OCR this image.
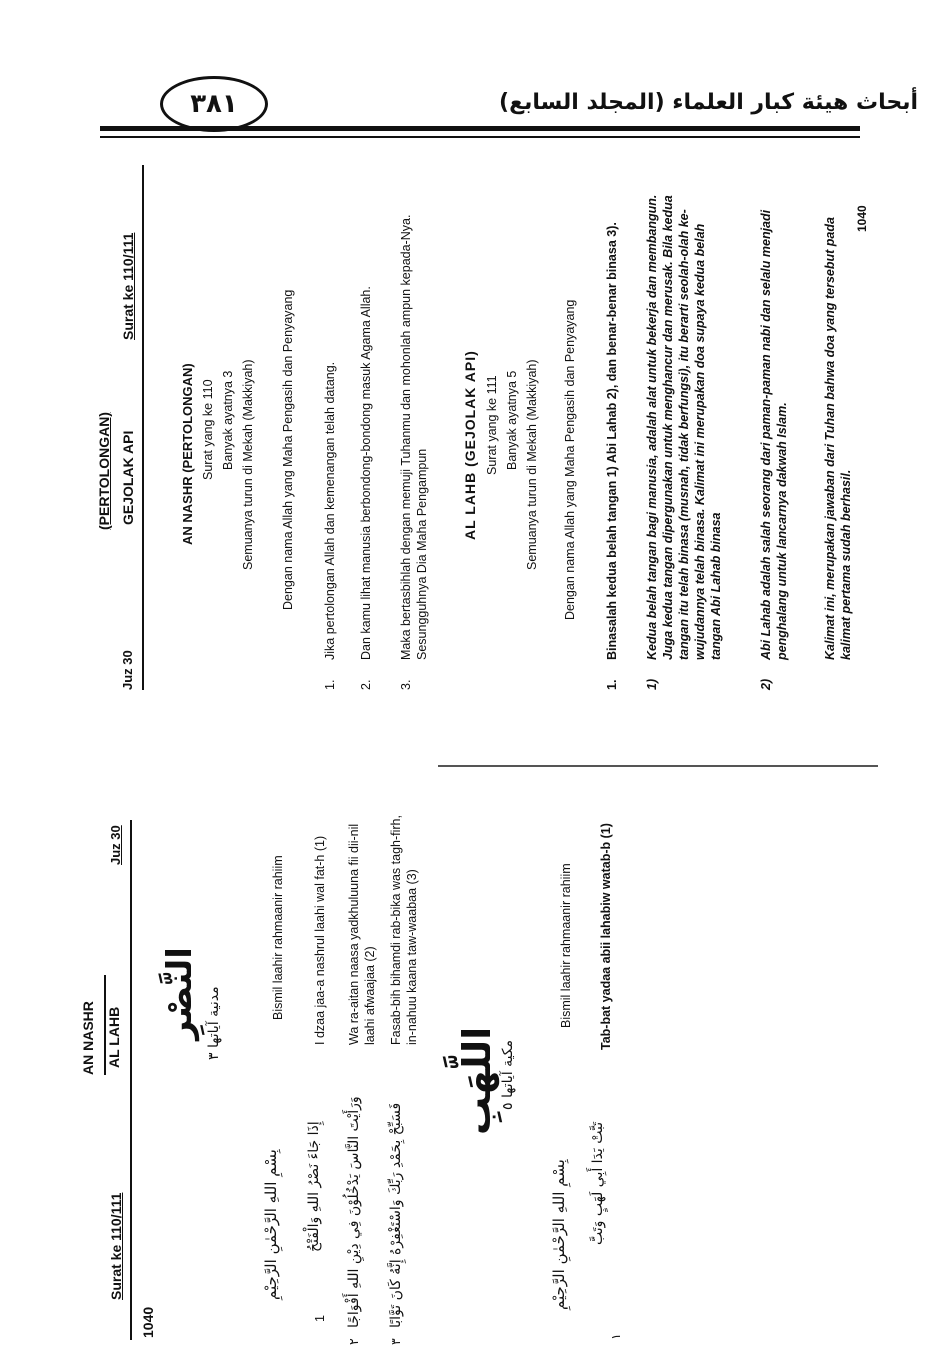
٣٨١	أبحاث هيئة كبار العلماء (المجلد السابع)
Surat ke 110/111
AN NASHR AL LAHB
Juz 30
1040
النَّصْرِ
مدنية آياتها ٣
بِسْمِ اللهِ الرَّحْمٰنِ الرَّحِيْمِ
Bismil laahir rahmaanir rahiim
1
إِذَا جَاءَ نَصْرُ اللهِ وَالْفَتْحُ
I dzaa jaa-a nashrul laahi wal fat-h (1)
٢
وَرَأَيْتَ النَّاسَ يَدْخُلُوْنَ فِي دِيْنِ اللهِ أَفْوَاجًا

Wa ra-aitan naasa yadkhuluuna fii dii-nil laahi afwaajaa (2)

٣
فَسَبِّحْ بِحَمْدِ رَبِّكَ وَاسْتَغْفِرْهُ إِنَّهُ كَانَ تَوَّابًا

Fasab-bih bihamdi rab-bika was tagh-firh, in-nahuu kaana taw-waabaa (3)

اللَّهَبِ مكية آياتها ٥
بِسْمِ اللهِ الرَّحْمٰنِ الرَّحِيْمِ
Bismil laahir rahmaanir rahiim
تَبَّتْ يَدَا أَبِي لَهَبٍ وَتَبَّ
١
Tab-bat yadaa abii lahabiw watab-b (1)
Juz 30
(PERTOLONGAN) GEJOLAK API
Surat ke 110/111
AN NASHR (PERTOLONGAN) Surat yang ke 110 Banyak ayatnya 3 Semuanya turun di Mekah (Makkiyah) Dengan nama Allah yang Maha Pengasih dan Penyayang
1.
Jika pertolongan Allah dan kemenangan telah datang.
2.
Dan kamu lihat manusia berbondong-bondong masuk Agama Allah.
3.

Maka bertasbihlah dengan memuji Tuhanmu dan mohonlah ampun kepada-Nya. Sesungguhnya Dia Maha Pengampun

AL LAHB (GEJOLAK API) Surat yang ke 111 Banyak ayatnya 5 Semuanya turun di Mekah (Makkiyah) Dengan nama Allah yang Maha Pengasih dan Penyayang
1.

Binasalah kedua belah tangan 1) Abi Lahab 2), dan benar-benar binasa 3).

1)

Kedua belah tangan bagi manusia, adalah alat untuk bekerja dan membangun. Juga kedua tangan dipergunakan untuk menghancur dan merusak. Bila kedua tangan itu telah binasa (musnah, tidak berfungsi), itu berarti seolah-olah ke-wujudannya telah binasa. Kalimat ini merupakan doa supaya kedua belah tangan Abi Lahab binasa

2)

Abi Lahab adalah salah seorang dari paman-paman nabi dan selalu menjadi penghalang untuk lancarnya dakwah Islam.	Kalimat ini, merupakan jawaban dari Tuhan bahwa doa yang tersebut pada kalimat pertama sudah berhasil.

1040
